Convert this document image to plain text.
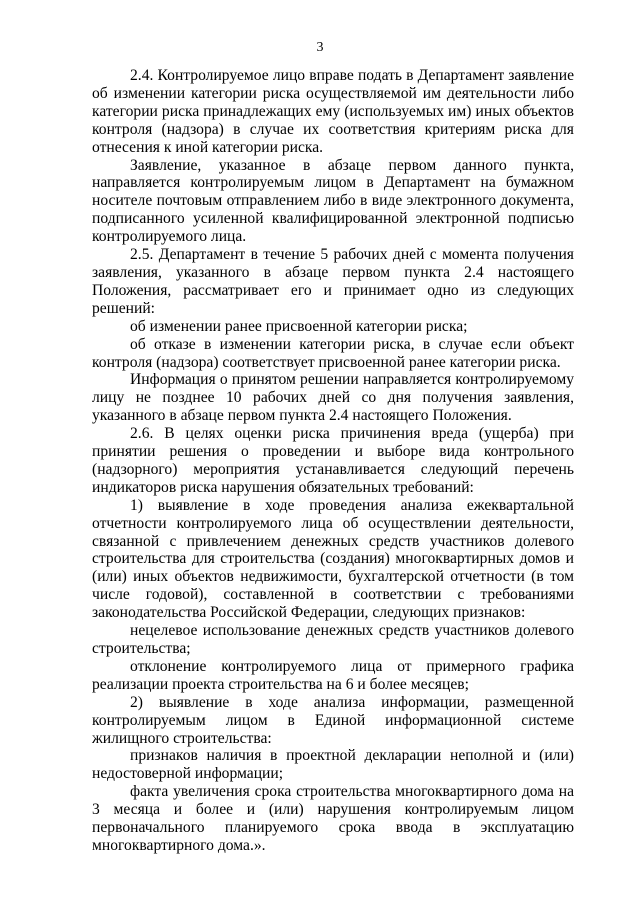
3

2.4. Контролируемое лицо вправе подать в Департамент заявление об изменении категории риска осуществляемой им деятельности либо категории риска принадлежащих ему (используемых им) иных объектов контроля (надзора) в случае их соответствия критериям риска для отнесения к иной категории риска.

Заявление, указанное в абзаце первом данного пункта, направляется контролируемым лицом в Департамент на бумажном носителе почтовым отправлением либо в виде электронного документа, подписанного усиленной квалифицированной электронной подписью контролируемого лица.

2.5. Департамент в течение 5 рабочих дней с момента получения заявления, указанного в абзаце первом пункта 2.4 настоящего Положения, рассматривает его и принимает одно из следующих решений:

об изменении ранее присвоенной категории риска;

об отказе в изменении категории риска, в случае если объект контроля (надзора) соответствует присвоенной ранее категории риска.

Информация о принятом решении направляется контролируемому лицу не позднее 10 рабочих дней со дня получения заявления, указанного в абзаце первом пункта 2.4 настоящего Положения.

2.6. В целях оценки риска причинения вреда (ущерба) при принятии решения о проведении и выборе вида контрольного (надзорного) мероприятия устанавливается следующий перечень индикаторов риска нарушения обязательных требований:

1) выявление в ходе проведения анализа ежеквартальной отчетности контролируемого лица об осуществлении деятельности, связанной с привлечением денежных средств участников долевого строительства для строительства (создания) многоквартирных домов и (или) иных объектов недвижимости, бухгалтерской отчетности (в том числе годовой), составленной в соответствии с требованиями законодательства Российской Федерации, следующих признаков:

нецелевое использование денежных средств участников долевого строительства;

отклонение контролируемого лица от примерного графика реализации проекта строительства на 6 и более месяцев;

2) выявление в ходе анализа информации, размещенной контролируемым лицом в Единой информационной системе жилищного строительства:

признаков наличия в проектной декларации неполной и (или) недостоверной информации;

факта увеличения срока строительства многоквартирного дома на 3 месяца и более и (или) нарушения контролируемым лицом первоначального планируемого срока ввода в эксплуатацию многоквартирного дома.».
